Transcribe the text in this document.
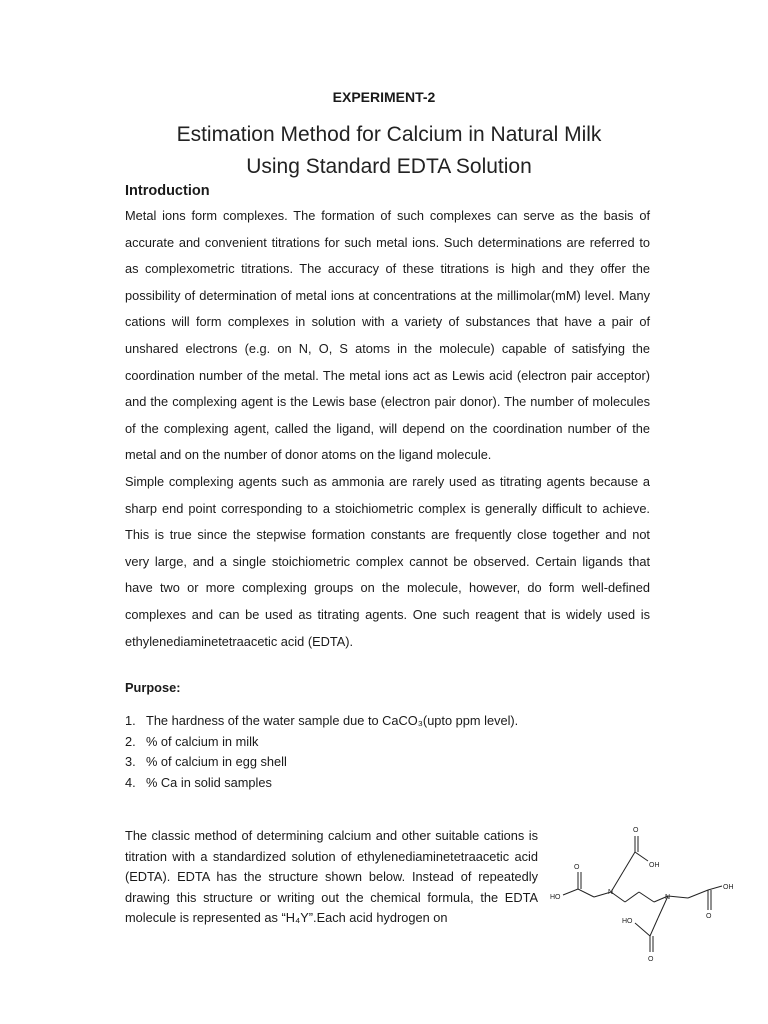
EXPERIMENT-2
Estimation Method for Calcium in Natural Milk
Using Standard EDTA Solution
Introduction

Metal ions form complexes. The formation of such complexes can serve as the basis of accurate and convenient titrations for such metal ions. Such determinations are referred to as complexometric titrations. The accuracy of these titrations is high and they offer the possibility of determination of metal ions at concentrations at the millimolar(mM) level. Many cations will form complexes in solution with a variety of substances that have a pair of unshared electrons (e.g. on N, O, S atoms in the molecule) capable of satisfying the coordination number of the metal. The metal ions act as Lewis acid (electron pair acceptor) and the complexing agent is the Lewis base (electron pair donor). The number of molecules of the complexing agent, called the ligand, will depend on the coordination number of the metal and on the number of donor atoms on the ligand molecule.

Simple complexing agents such as ammonia are rarely used as titrating agents because a sharp end point corresponding to a stoichiometric complex is generally difficult to achieve. This is true since the stepwise formation constants are frequently close together and not very large, and a single stoichiometric complex cannot be observed. Certain ligands that have two or more complexing groups on the molecule, however, do form well-defined complexes and can be used as titrating agents. One such reagent that is widely used is ethylenediaminetetraacetic acid (EDTA).

Purpose:
1. The hardness of the water sample due to CaCO₃(upto ppm level).
2. % of calcium in milk
3. % of calcium in egg shell
4. % Ca in solid samples

The classic method of determining calcium and other suitable cations is titration with a standardized solution of ethylenediaminetetraacetic acid (EDTA). EDTA has the structure shown below. Instead of repeatedly drawing this structure or writing out the chemical formula, the EDTA molecule is represented as “H₄Y”.Each acid hydrogen on

O
OH
O
HO
N
N
OH
O
HO
O
